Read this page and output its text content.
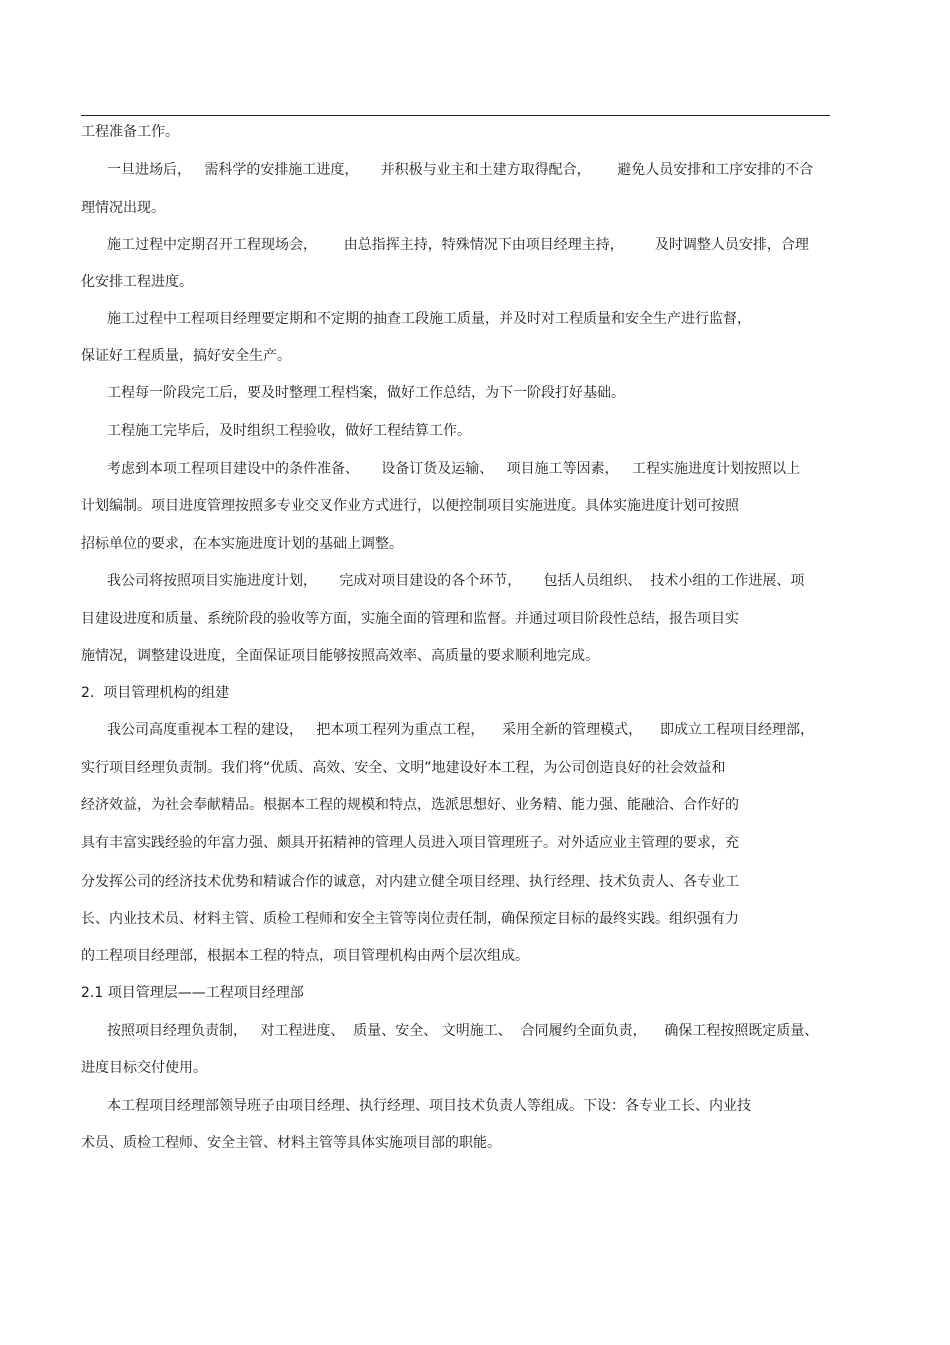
工程准备工作。
一旦进场后，   需科学的安排施工进度，     并积极与业主和土建方取得配合，      避免人员安排和工序安排的不合
理情况出现。
施工过程中定期召开工程现场会，      由总指挥主持，特殊情况下由项目经理主持，       及时调整人员安排，合理
化安排工程进度。
施工过程中工程项目经理要定期和不定期的抽查工段施工质量，并及时对工程质量和安全生产进行监督，
保证好工程质量，搞好安全生产。
工程每一阶段完工后，要及时整理工程档案，做好工作总结，为下一阶段打好基础。
工程施工完毕后，及时组织工程验收，做好工程结算工作。
考虑到本项工程项目建设中的条件准备、     设备订货及运输、   项目施工等因素，   工程实施进度计划按照以上
计划编制。项目进度管理按照多专业交叉作业方式进行，以便控制项目实施进度。具体实施进度计划可按照
招标单位的要求，在本实施进度计划的基础上调整。
我公司将按照项目实施进度计划，     完成对项目建设的各个环节，     包括人员组织、  技术小组的工作进展、项
目建设进度和质量、系统阶段的验收等方面，实施全面的管理和监督。并通过项目阶段性总结，报告项目实
施情况，调整建设进度，全面保证项目能够按照高效率、高质量的要求顺利地完成。
2.  项目管理机构的组建
我公司高度重视本工程的建设，   把本项工程列为重点工程，    采用全新的管理模式，    即成立工程项目经理部，
实行项目经理负责制。我们将“优质、高效、安全、文明”地建设好本工程，为公司创造良好的社会效益和
经济效益，为社会奉献精品。根据本工程的规模和特点，选派思想好、业务精、能力强、能融洽、合作好的
具有丰富实践经验的年富力强、颇具开拓精神的管理人员进入项目管理班子。对外适应业主管理的要求，充
分发挥公司的经济技术优势和精诚合作的诚意，对内建立健全项目经理、执行经理、技术负责人、各专业工
长、内业技术员、材料主管、质检工程师和安全主管等岗位责任制，确保预定目标的最终实践。组织强有力
的工程项目经理部，根据本工程的特点，项目管理机构由两个层次组成。
2.1 项目管理层——工程项目经理部
按照项目经理负责制，   对工程进度、  质量、安全、 文明施工、  合同履约全面负责，    确保工程按照既定质量、
进度目标交付使用。
本工程项目经理部领导班子由项目经理、执行经理、项目技术负责人等组成。下设：各专业工长、内业技
术员、质检工程师、安全主管、材料主管等具体实施项目部的职能。
